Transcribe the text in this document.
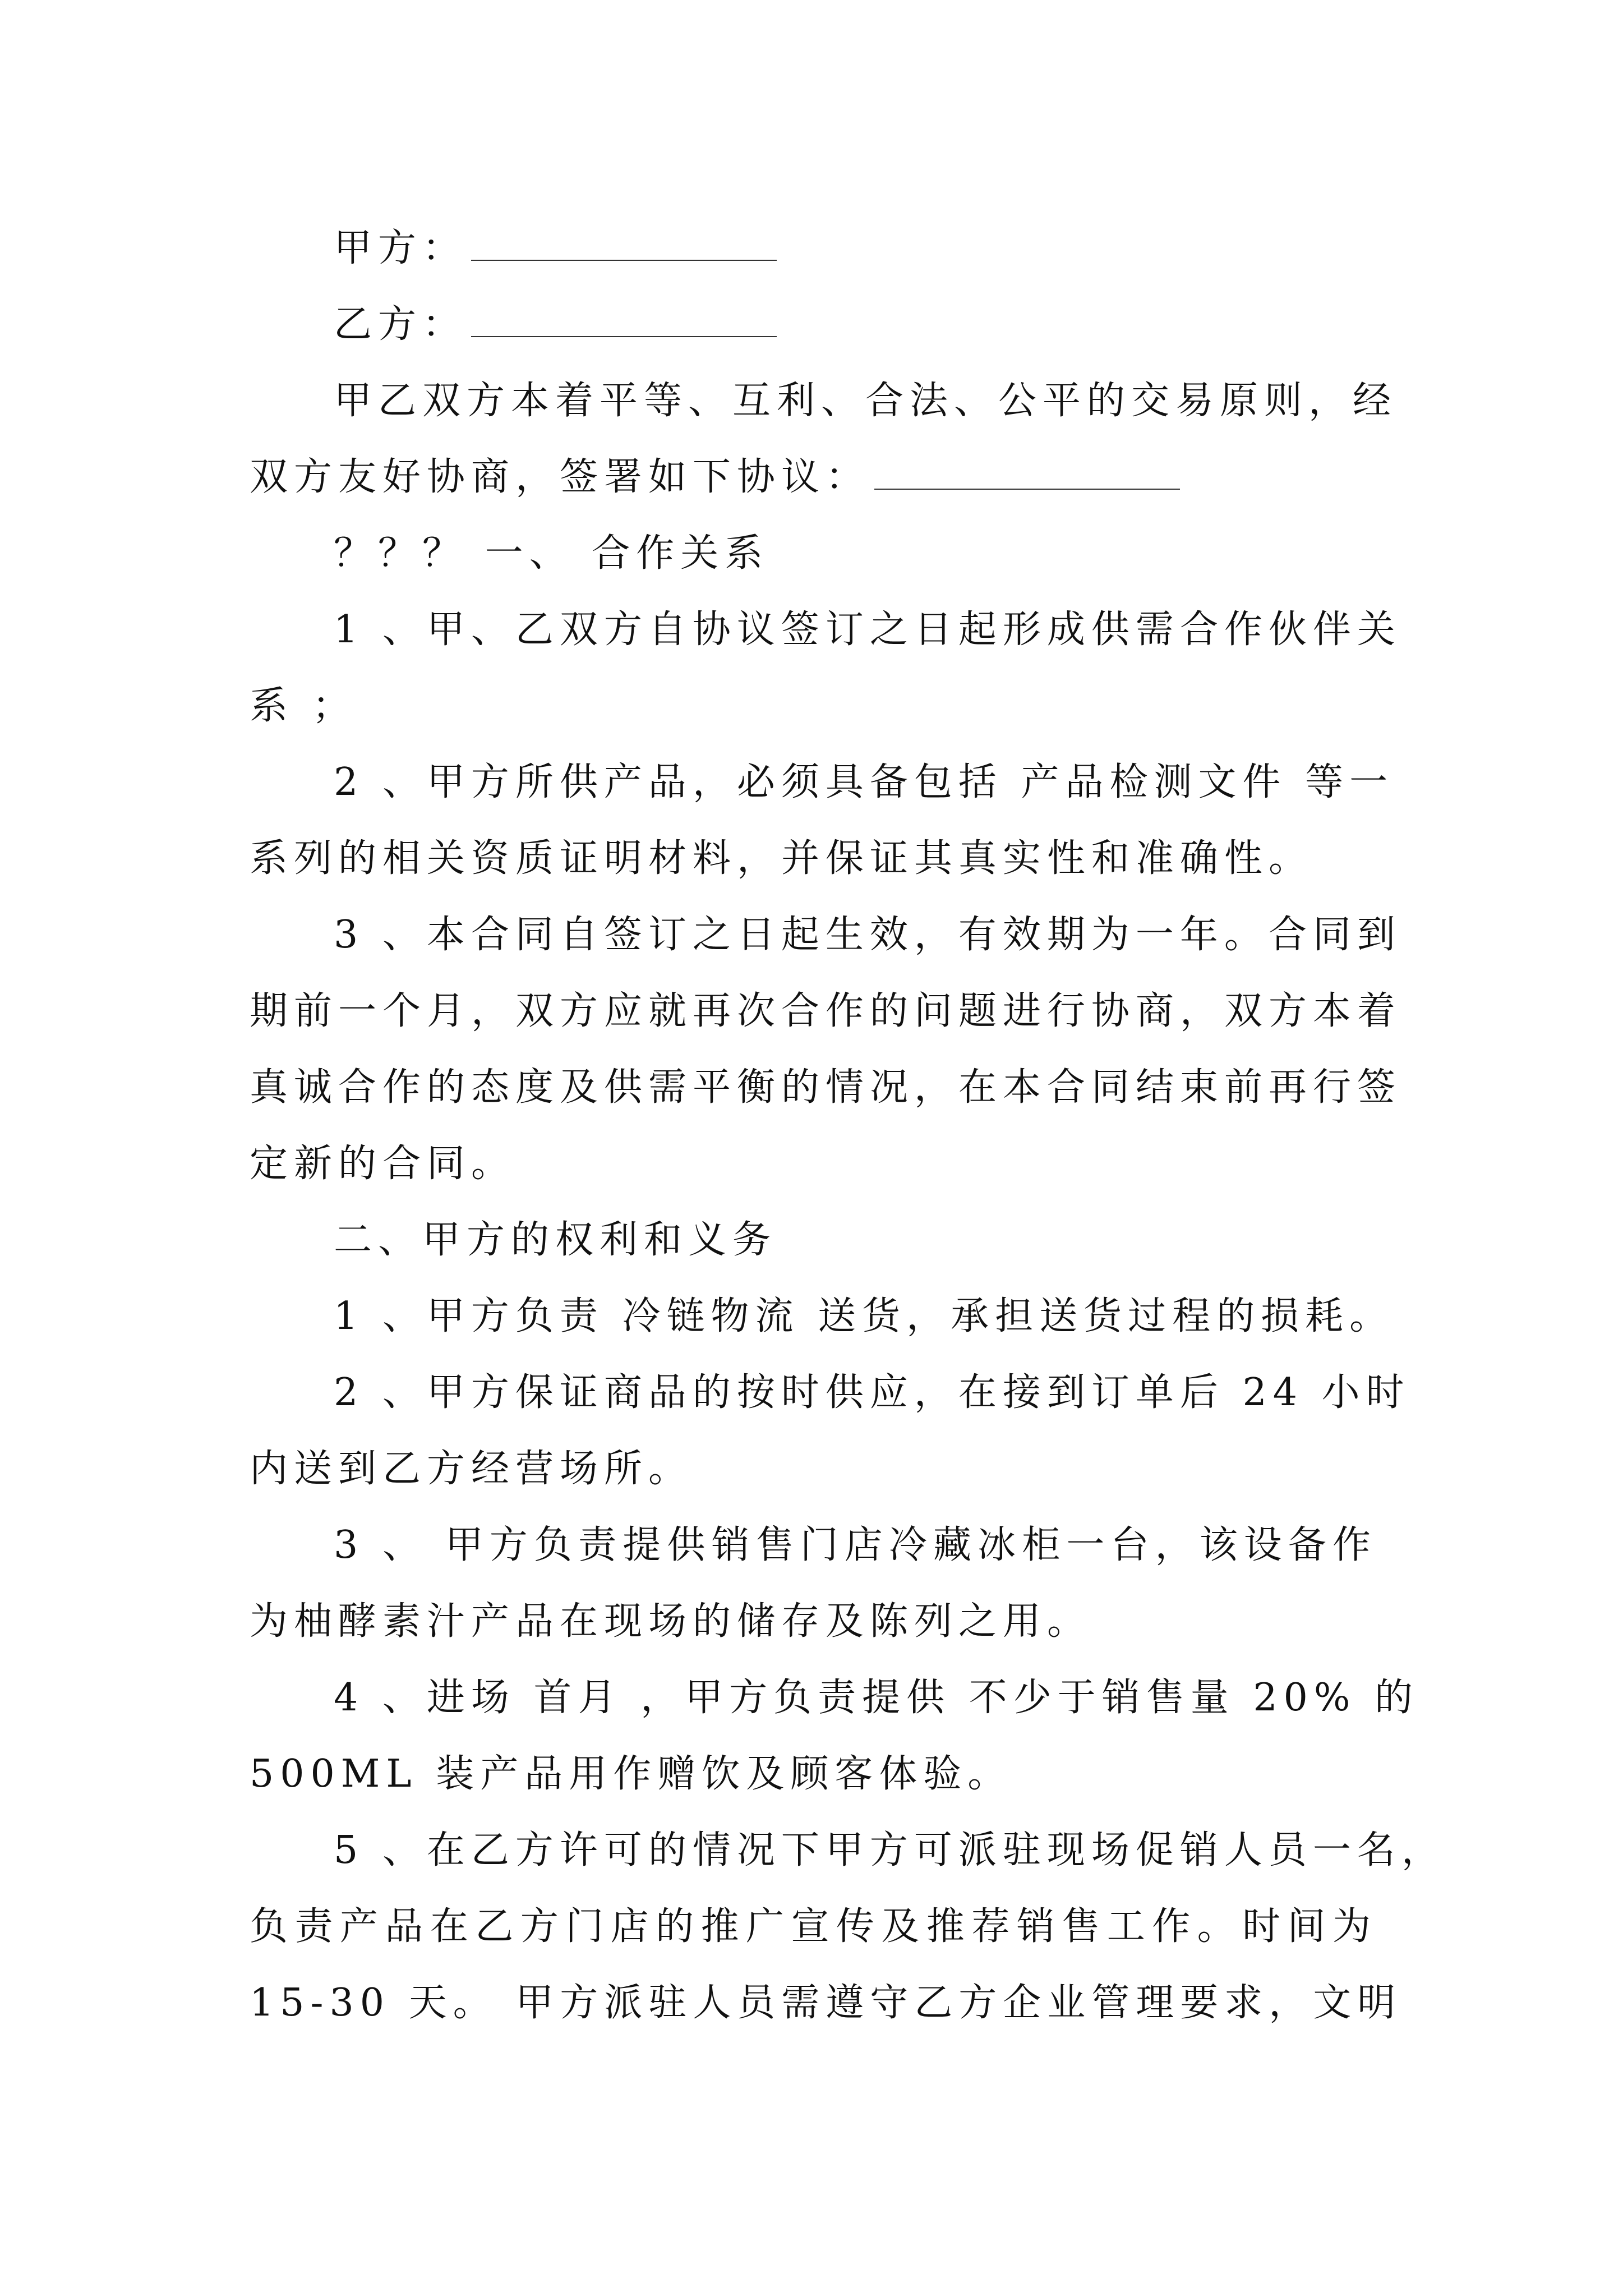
甲方：
乙方：
甲乙双方本着平等、互利、合法、公平的交易原则，经
双方友好协商，签署如下协议：
？？？ 一、 合作关系
1 、甲、乙双方自协议签订之日起形成供需合作伙伴关
系 ；
2 、甲方所供产品，必须具备包括 产品检测文件 等一
系列的相关资质证明材料，并保证其真实性和准确性。
3 、本合同自签订之日起生效，有效期为一年。合同到
期前一个月，双方应就再次合作的问题进行协商，双方本着
真诚合作的态度及供需平衡的情况，在本合同结束前再行签
定新的合同。
二、甲方的权利和义务
1 、甲方负责 冷链物流 送货，承担送货过程的损耗。
2 、甲方保证商品的按时供应，在接到订单后 24 小时
内送到乙方经营场所。
3 、 甲方负责提供销售门店冷藏冰柜一台，该设备作
为柚酵素汁产品在现场的储存及陈列之用。
4 、进场 首月 ，甲方负责提供 不少于销售量 20% 的
500ML 装产品用作赠饮及顾客体验。
5 、在乙方许可的情况下甲方可派驻现场促销人员一名，
负责产品在乙方门店的推广宣传及推荐销售工作。时间为
15-30 天。 甲方派驻人员需遵守乙方企业管理要求，文明
